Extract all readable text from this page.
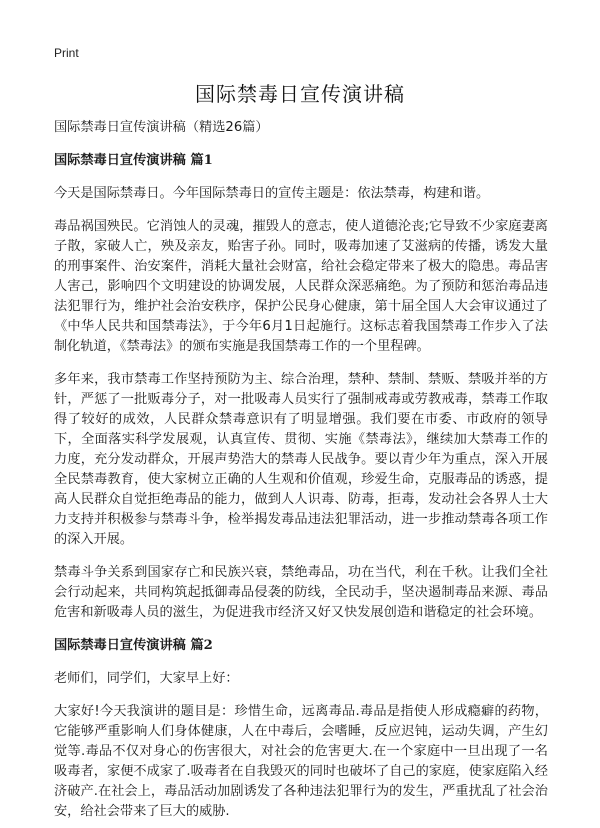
Print
国际禁毒日宣传演讲稿

国际禁毒日宣传演讲稿（精选26篇）

国际禁毒日宣传演讲稿 篇1

今天是国际禁毒日。今年国际禁毒日的宣传主题是：依法禁毒，构建和谐。

毒品祸国殃民。它消蚀人的灵魂，摧毁人的意志，使人道德沦丧;它导致不少家庭妻离子散，家破人亡，殃及亲友，贻害子孙。同时，吸毒加速了艾滋病的传播，诱发大量的刑事案件、治安案件，消耗大量社会财富，给社会稳定带来了极大的隐患。毒品害人害己，影响四个文明建设的协调发展，人民群众深恶痛绝。为了预防和惩治毒品违法犯罪行为，维护社会治安秩序，保护公民身心健康，第十届全国人大会审议通过了《中华人民共和国禁毒法》，于今年6月1日起施行。这标志着我国禁毒工作步入了法制化轨道，《禁毒法》的颁布实施是我国禁毒工作的一个里程碑。

多年来，我市禁毒工作坚持预防为主、综合治理，禁种、禁制、禁贩、禁吸并举的方针，严惩了一批贩毒分子，对一批吸毒人员实行了强制戒毒或劳教戒毒，禁毒工作取得了较好的成效，人民群众禁毒意识有了明显增强。我们要在市委、市政府的领导下，全面落实科学发展观，认真宣传、贯彻、实施《禁毒法》，继续加大禁毒工作的力度，充分发动群众，开展声势浩大的禁毒人民战争。要以青少年为重点，深入开展全民禁毒教育，使大家树立正确的人生观和价值观，珍爱生命，克服毒品的诱惑，提高人民群众自觉拒绝毒品的能力，做到人人识毒、防毒，拒毒，发动社会各界人士大力支持并积极参与禁毒斗争，检举揭发毒品违法犯罪活动，进一步推动禁毒各项工作的深入开展。

禁毒斗争关系到国家存亡和民族兴衰，禁绝毒品，功在当代，利在千秋。让我们全社会行动起来，共同构筑起抵御毒品侵袭的防线，全民动手，坚决遏制毒品来源、毒品危害和新吸毒人员的滋生，为促进我市经济又好又快发展创造和谐稳定的社会环境。

国际禁毒日宣传演讲稿 篇2

老师们，同学们，大家早上好：

大家好!今天我演讲的题目是：珍惜生命，远离毒品.毒品是指使人形成瘾癖的药物，它能够严重影响人们身体健康，人在中毒后，会嗜睡，反应迟钝，运动失调，产生幻觉等.毒品不仅对身心的伤害很大，对社会的危害更大.在一个家庭中一旦出现了一名吸毒者，家便不成家了.吸毒者在自我毁灭的同时也破坏了自己的家庭，使家庭陷入经济破产.在社会上，毒品活动加剧诱发了各种违法犯罪行为的发生，严重扰乱了社会治安，给社会带来了巨大的威胁.
